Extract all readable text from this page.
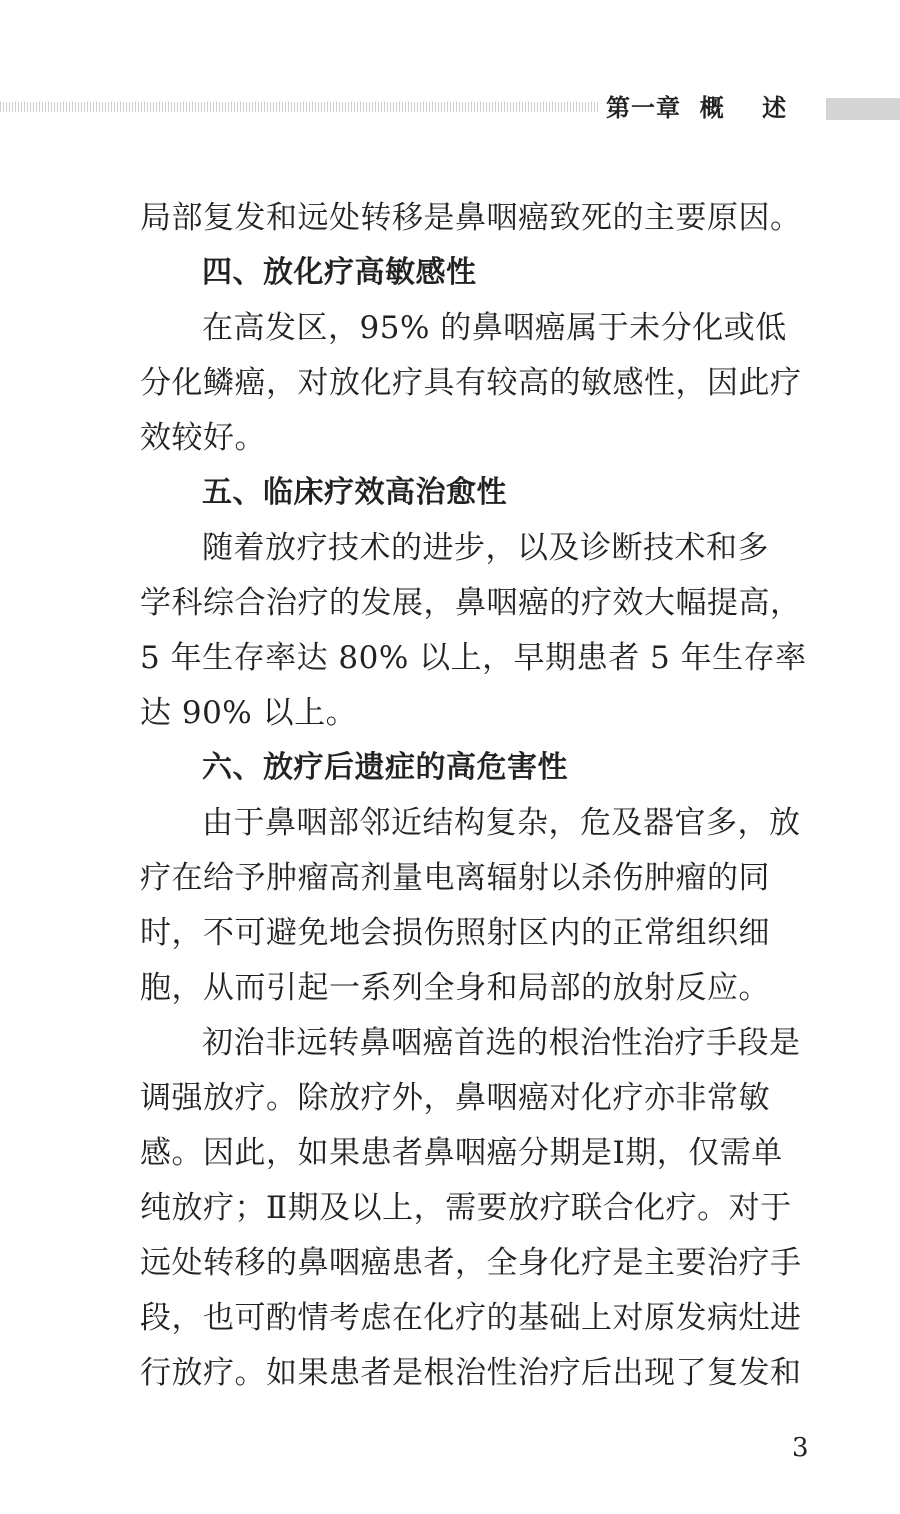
第一章  概    述
局部复发和远处转移是鼻咽癌致死的主要原因。
四、放化疗高敏感性
在高发区，95% 的鼻咽癌属于未分化或低
分化鳞癌，对放化疗具有较高的敏感性，因此疗
效较好。
五、临床疗效高治愈性
随着放疗技术的进步，以及诊断技术和多
学科综合治疗的发展，鼻咽癌的疗效大幅提高，
5 年生存率达 80% 以上，早期患者 5 年生存率
达 90% 以上。
六、放疗后遗症的高危害性
由于鼻咽部邻近结构复杂，危及器官多，放
疗在给予肿瘤高剂量电离辐射以杀伤肿瘤的同
时，不可避免地会损伤照射区内的正常组织细
胞，从而引起一系列全身和局部的放射反应。
初治非远转鼻咽癌首选的根治性治疗手段是
调强放疗。除放疗外，鼻咽癌对化疗亦非常敏
感。因此，如果患者鼻咽癌分期是Ⅰ期，仅需单
纯放疗；Ⅱ期及以上，需要放疗联合化疗。对于
远处转移的鼻咽癌患者，全身化疗是主要治疗手
段，也可酌情考虑在化疗的基础上对原发病灶进
行放疗。如果患者是根治性治疗后出现了复发和
3
